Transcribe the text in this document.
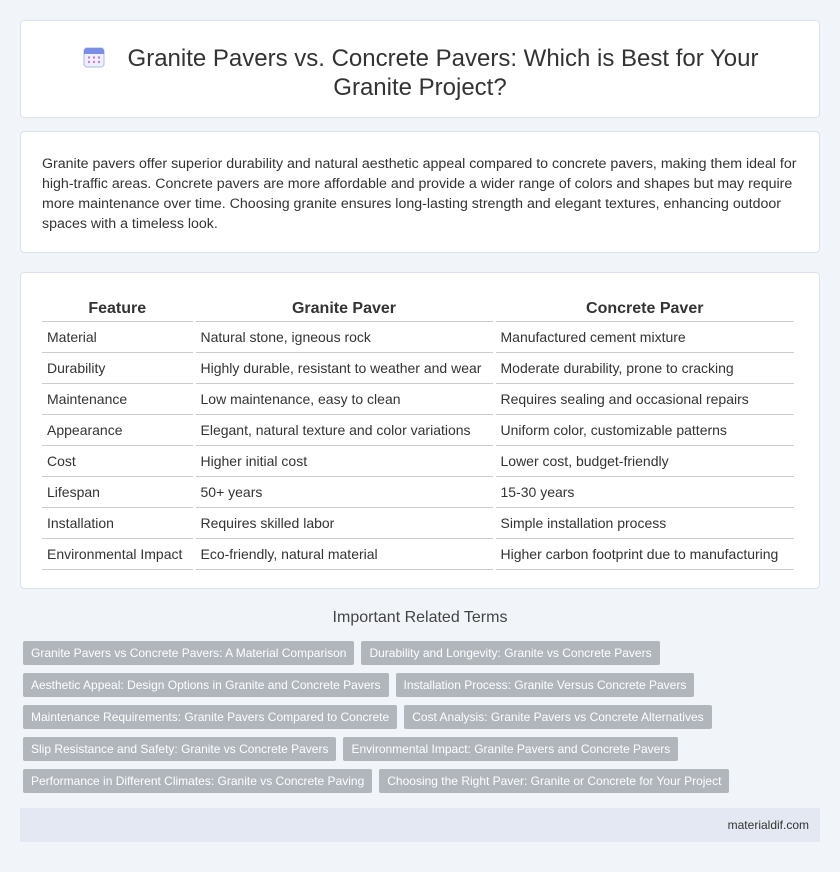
Granite Pavers vs. Concrete Pavers: Which is Best for Your Granite Project?

Granite pavers offer superior durability and natural aesthetic appeal compared to concrete pavers, making them ideal for high-traffic areas. Concrete pavers are more affordable and provide a wider range of colors and shapes but may require more maintenance over time. Choosing granite ensures long-lasting strength and elegant textures, enhancing outdoor spaces with a timeless look.

Feature	Granite Paver	Concrete Paver
Material	Natural stone, igneous rock	Manufactured cement mixture
Durability	Highly durable, resistant to weather and wear	Moderate durability, prone to cracking
Maintenance	Low maintenance, easy to clean	Requires sealing and occasional repairs
Appearance	Elegant, natural texture and color variations	Uniform color, customizable patterns
Cost	Higher initial cost	Lower cost, budget-friendly
Lifespan	50+ years	15-30 years
Installation	Requires skilled labor	Simple installation process
Environmental Impact	Eco-friendly, natural material	Higher carbon footprint due to manufacturing
Important Related Terms
Granite Pavers vs Concrete Pavers: A Material Comparison	Durability and Longevity: Granite vs Concrete Pavers
Aesthetic Appeal: Design Options in Granite and Concrete Pavers	Installation Process: Granite Versus Concrete Pavers
Maintenance Requirements: Granite Pavers Compared to Concrete	Cost Analysis: Granite Pavers vs Concrete Alternatives
Slip Resistance and Safety: Granite vs Concrete Pavers	Environmental Impact: Granite Pavers and Concrete Pavers
Performance in Different Climates: Granite vs Concrete Paving	Choosing the Right Paver: Granite or Concrete for Your Project
materialdif.com
